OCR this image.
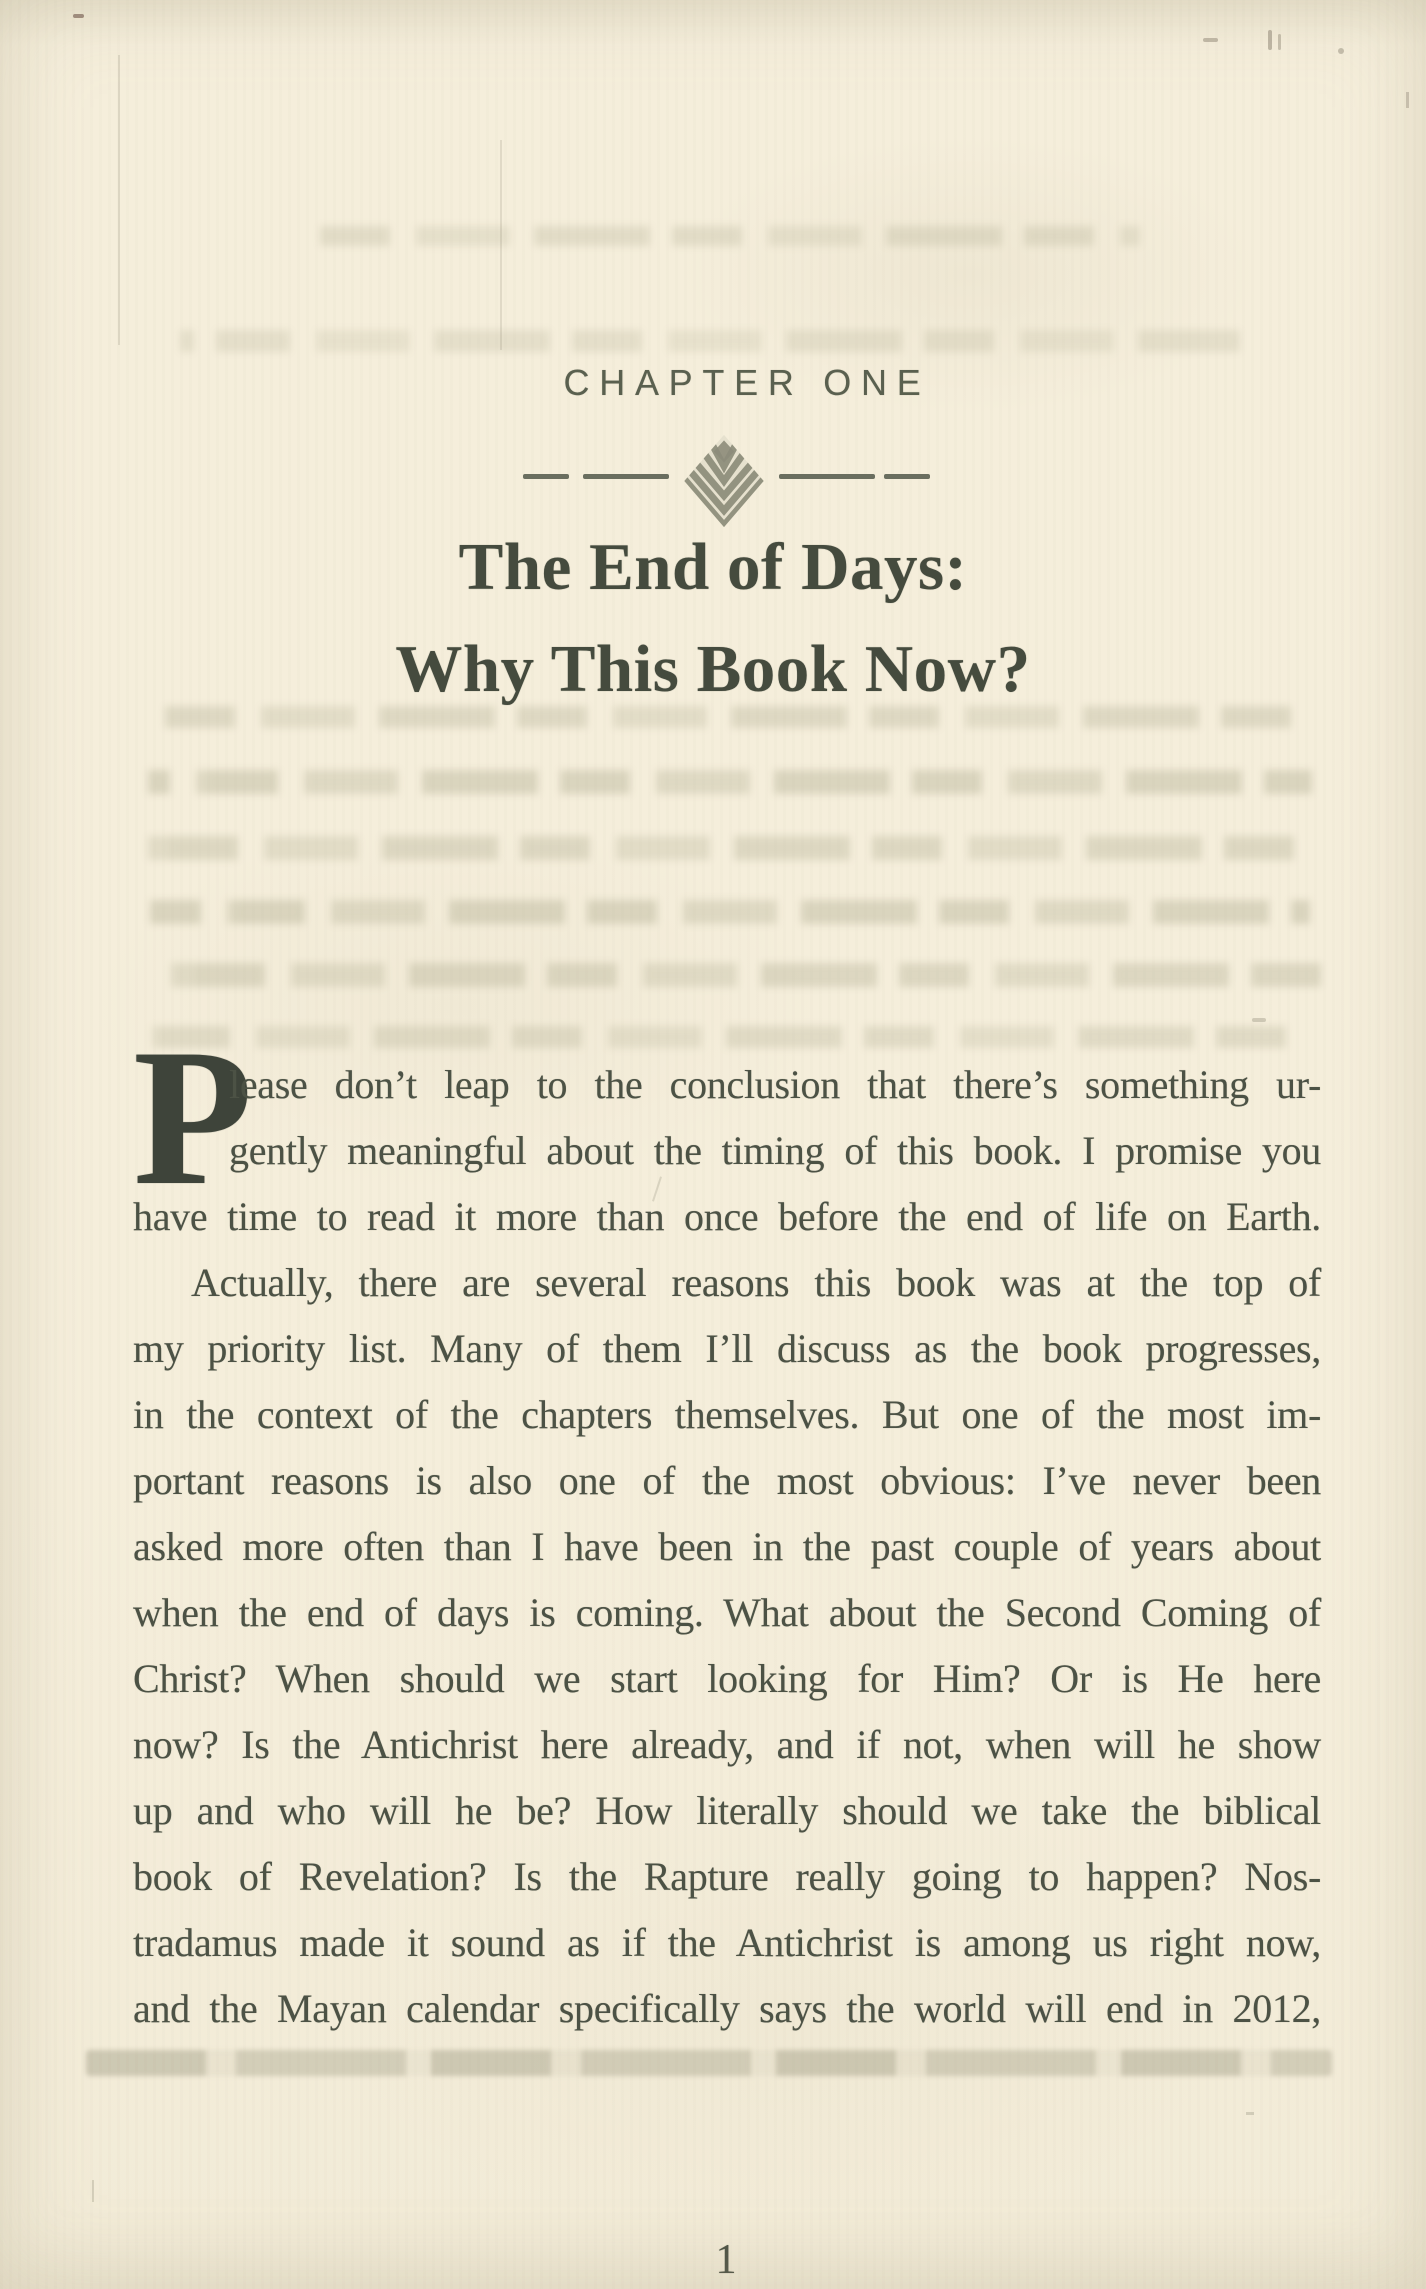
CHAPTER ONE
The End of Days:
Why This Book Now?
P
lease don’t leap to the conclusion that there’s something ur-
gently meaningful about the timing of this book. I promise you
have time to read it more than once before the end of life on Earth.
Actually, there are several reasons this book was at the top of
my priority list. Many of them I’ll discuss as the book progresses,
in the context of the chapters themselves. But one of the most im-
portant reasons is also one of the most obvious: I’ve never been
asked more often than I have been in the past couple of years about
when the end of days is coming. What about the Second Coming of
Christ? When should we start looking for Him? Or is He here
now? Is the Antichrist here already, and if not, when will he show
up and who will he be? How literally should we take the biblical
book of Revelation? Is the Rapture really going to happen? Nos-
tradamus made it sound as if the Antichrist is among us right now,
and the Mayan calendar specifically says the world will end in 2012,
1
